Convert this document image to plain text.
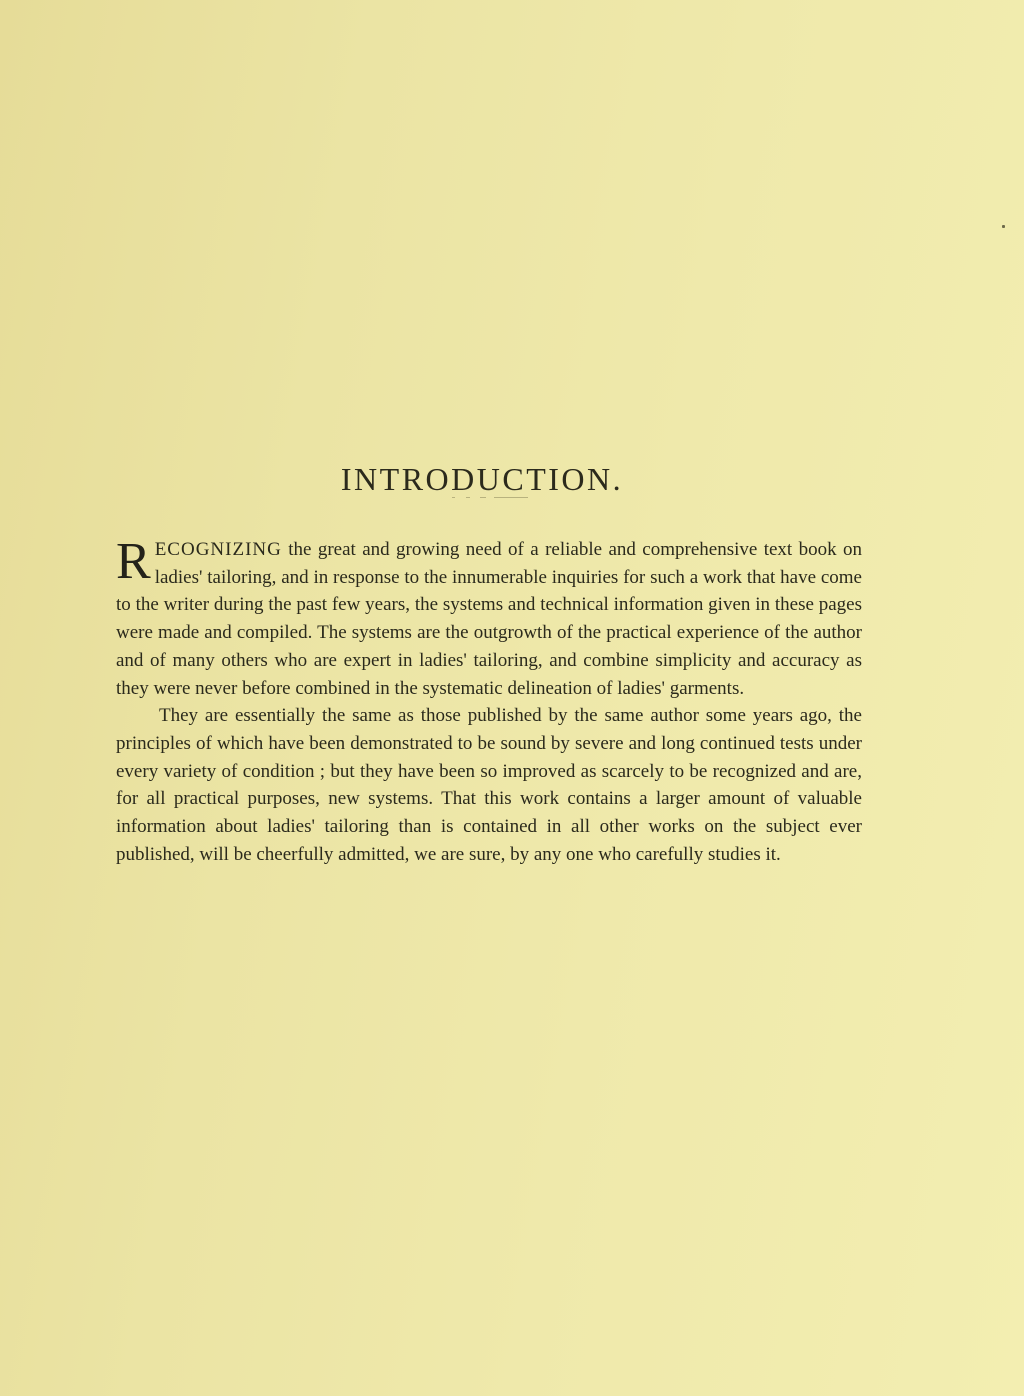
INTRODUCTION.

RECOGNIZING the great and growing need of a reliable and comprehensive text book on ladies' tailoring, and in response to the innumerable inquiries for such a work that have come to the writer during the past few years, the systems and technical information given in these pages were made and compiled. The systems are the outgrowth of the practical experience of the author and of many others who are expert in ladies' tailoring, and combine simplicity and accuracy as they were never before combined in the systematic delineation of ladies' garments.

They are essentially the same as those published by the same author some years ago, the principles of which have been demonstrated to be sound by severe and long continued tests under every variety of condition ; but they have been so improved as scarcely to be recognized and are, for all practical purposes, new systems. That this work contains a larger amount of valuable information about ladies' tailoring than is contained in all other works on the subject ever published, will be cheerfully admitted, we are sure, by any one who carefully studies it.
